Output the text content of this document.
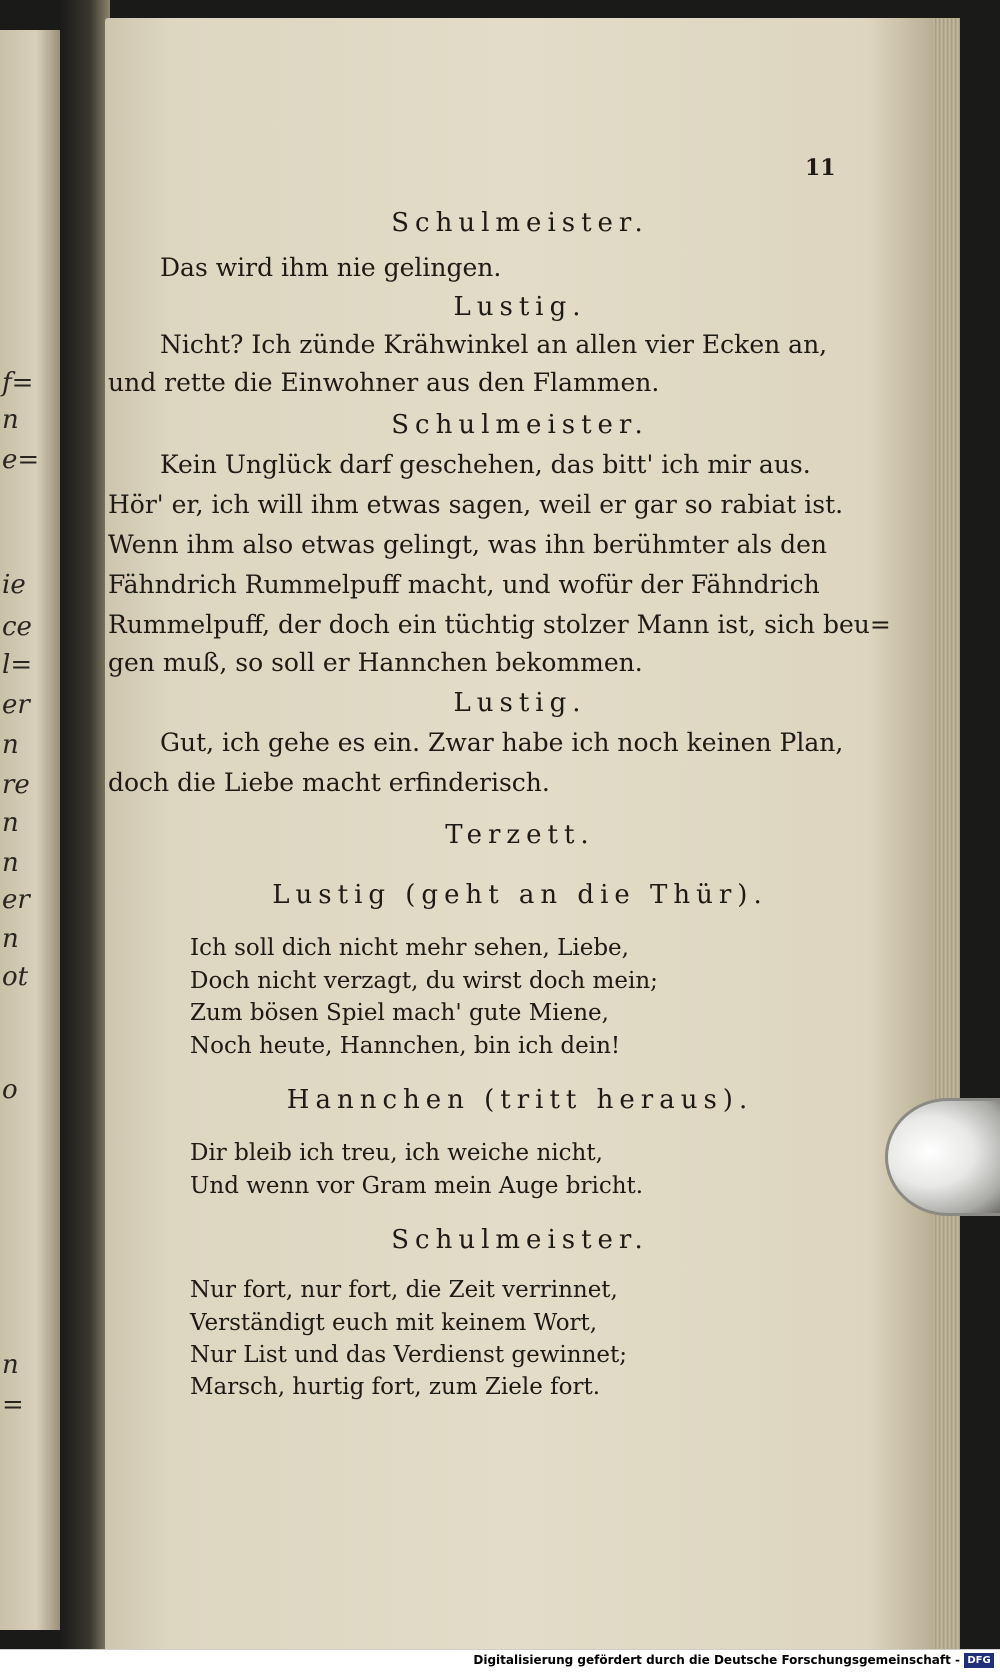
f=
n
e=
ie
ce
l=
er
n
re
n
n
er
n
ot
o
n
=
11
Schulmeister.
Das wird ihm nie gelingen.
Lustig.
Nicht? Ich zünde Krähwinkel an allen vier Ecken an,
und rette die Einwohner aus den Flammen.
Schulmeister.
Kein Unglück darf geschehen, das bitt' ich mir aus.
Hör' er, ich will ihm etwas sagen, weil er gar so rabiat ist.
Wenn ihm also etwas gelingt, was ihn berühmter als den
Fähndrich Rummelpuff macht, und wofür der Fähndrich
Rummelpuff, der doch ein tüchtig stolzer Mann ist, sich beu=
gen muß, so soll er Hannchen bekommen.
Lustig.
Gut, ich gehe es ein. Zwar habe ich noch keinen Plan,
doch die Liebe macht erfinderisch.
Terzett.
Lustig (geht an die Thür).
Ich soll dich nicht mehr sehen, Liebe,
Doch nicht verzagt, du wirst doch mein;
Zum bösen Spiel mach' gute Miene,
Noch heute, Hannchen, bin ich dein!
Hannchen (tritt heraus).
Dir bleib ich treu, ich weiche nicht,
Und wenn vor Gram mein Auge bricht.
Schulmeister.
Nur fort, nur fort, die Zeit verrinnet,
Verständigt euch mit keinem Wort,
Nur List und das Verdienst gewinnet;
Marsch, hurtig fort, zum Ziele fort.
Digitalisierung gefördert durch die Deutsche Forschungsgemeinschaft - DFG
